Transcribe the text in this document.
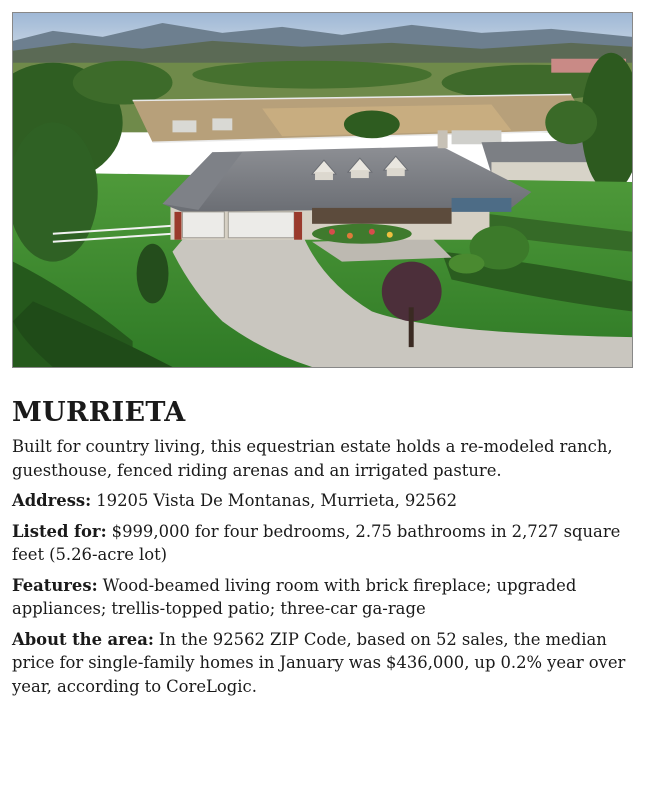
MURRIETA

Built for country living, this equestrian estate holds a re-modeled ranch, guesthouse, fenced riding arenas and an irrigated pasture.

Address: 19205 Vista De Montanas, Murrieta, 92562

Listed for: $999,000 for four bedrooms, 2.75 bathrooms in 2,727 square feet (5.26-acre lot)

Features: Wood-beamed living room with brick fireplace; upgraded appliances; trellis-topped patio; three-car ga-rage

About the area: In the 92562 ZIP Code, based on 52 sales, the median price for single-family homes in January was $436,000, up 0.2% year over year, according to CoreLogic.
